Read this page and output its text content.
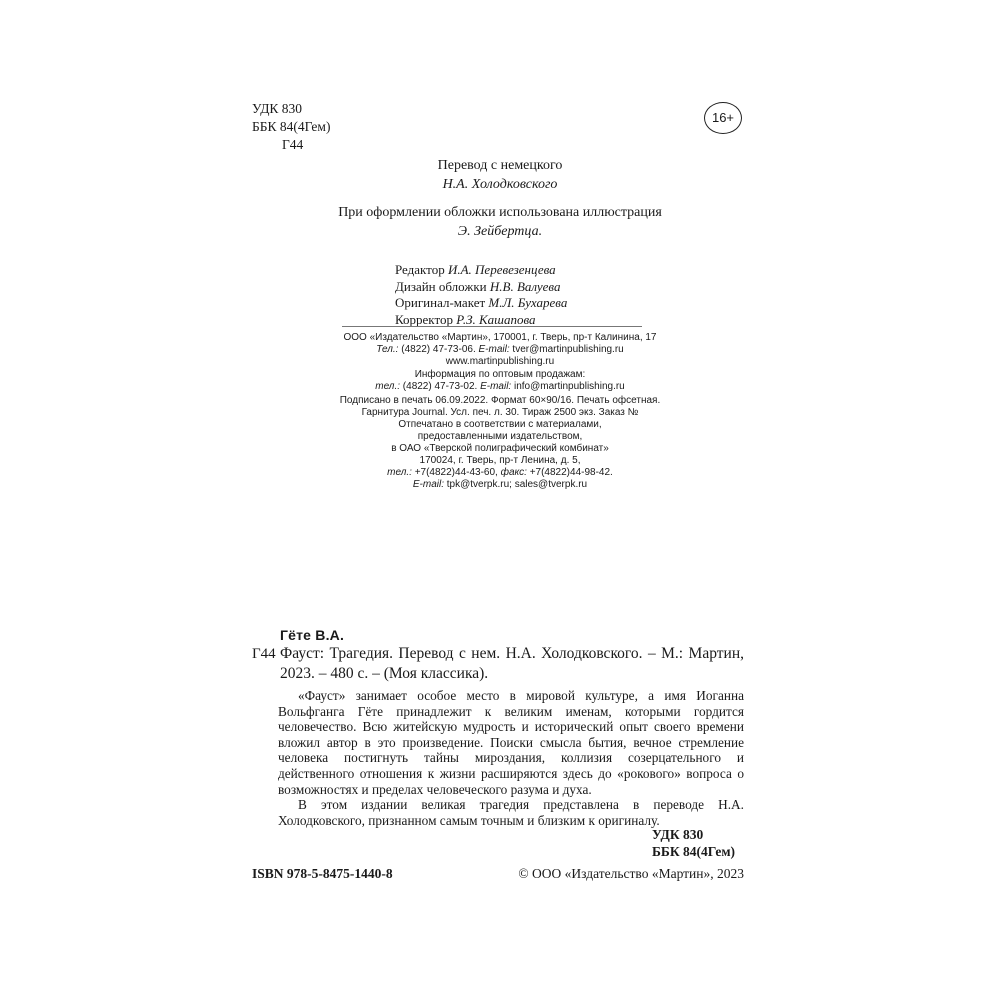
УДК 830
ББК 84(4Гем)
Г44
16+
Перевод с немецкого
Н.А. Холодковского
При оформлении обложки использована иллюстрация
Э. Зейбертца.
Редактор И.А. Перевезенцева
Дизайн обложки Н.В. Валуева
Оригинал-макет М.Л. Бухарева
Корректор Р.З. Кашапова
ООО «Издательство «Мартин», 170001, г. Тверь, пр-т Калинина, 17
Тел.: (4822) 47-73-06. E-mail: tver@martinpublishing.ru
www.martinpublishing.ru
Информация по оптовым продажам:
тел.: (4822) 47-73-02. E-mail: info@martinpublishing.ru
Подписано в печать 06.09.2022. Формат 60×90/16. Печать офсетная.
Гарнитура Journal. Усл. печ. л. 30. Тираж 2500 экз. Заказ №
Отпечатано в соответствии с материалами,
предоставленными издательством,
в ОАО «Тверской полиграфический комбинат»
170024, г. Тверь, пр-т Ленина, д. 5,
тел.: +7(4822)44-43-60, факс: +7(4822)44-98-42.
E-mail: tpk@tverpk.ru; sales@tverpk.ru
Гёте В.А.
Г44 Фауст: Трагедия. Перевод с нем. Н.А. Холодковского. – М.: Мартин, 2023. – 480 с. – (Моя классика).

«Фауст» занимает особое место в мировой культуре, а имя Иоганна Вольфганга Гёте принадлежит к великим именам, которыми гордится человечество. Всю житейскую мудрость и исторический опыт своего времени вложил автор в это произведение. Поиски смысла бытия, вечное стремление человека постигнуть тайны мироздания, коллизия созерцательного и действенного отношения к жизни расширяются здесь до «рокового» вопроса о возможностях и пределах человеческого разума и духа.

В этом издании великая трагедия представлена в переводе Н.А. Холодковского, признанном самым точным и близким к оригиналу.

УДК 830
ББК 84(4Гем)
ISBN 978-5-8475-1440-8	© ООО «Издательство «Мартин», 2023
